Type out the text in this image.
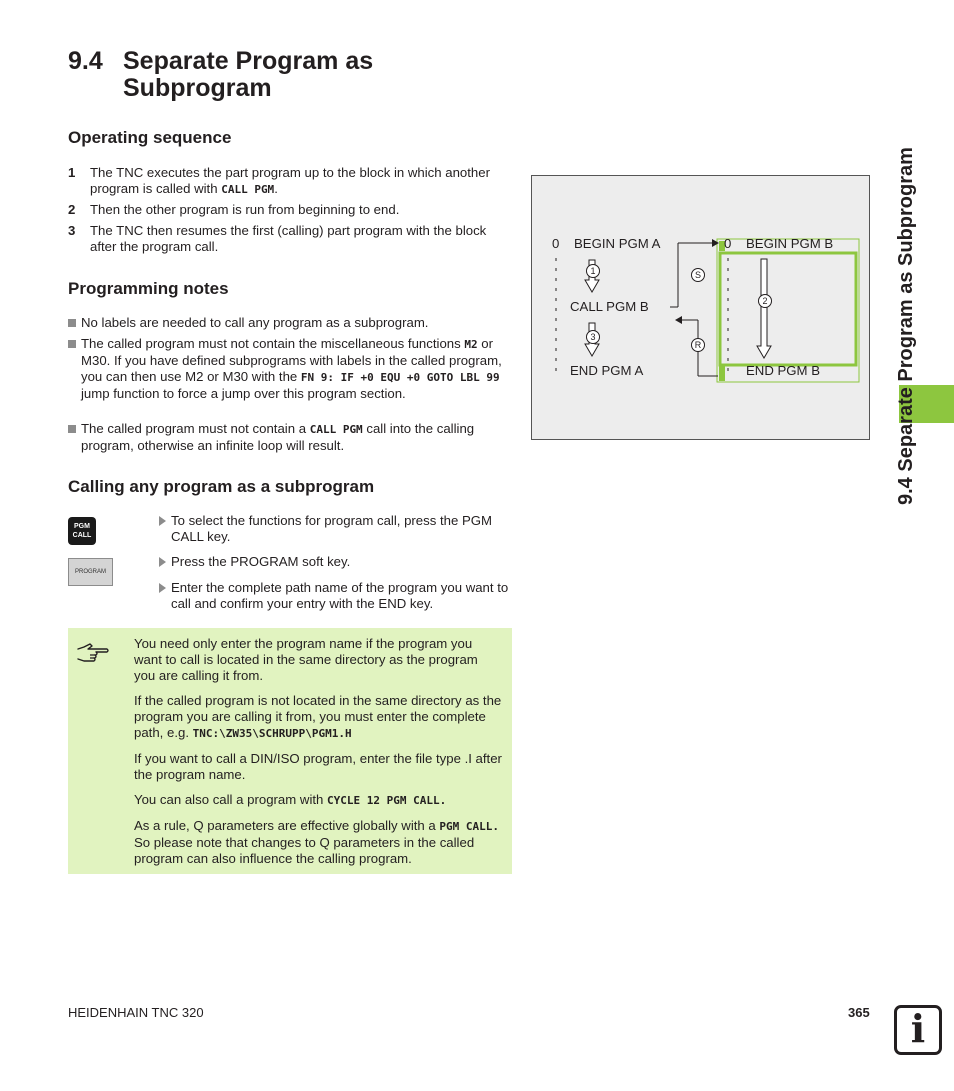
9.4 Separate Program as Subprogram
Operating sequence
1 The TNC executes the part program up to the block in which another program is called with CALL PGM.
2 Then the other program is run from beginning to end.
3 The TNC then resumes the first (calling) part program with the block after the program call.
Programming notes
No labels are needed to call any program as a subprogram.
The called program must not contain the miscellaneous functions M2 or M30. If you have defined subprograms with labels in the called program, you can then use M2 or M30 with the FN 9: IF +0 EQU +0 GOTO LBL 99 jump function to force a jump over this program section.
The called program must not contain a CALL PGM call into the calling program, otherwise an infinite loop will result.
Calling any program as a subprogram
PGM
CALL
PROGRAM
To select the functions for program call, press the PGM CALL key.
Press the PROGRAM soft key.
Enter the complete path name of the program you want to call and confirm your entry with the END key.

You need only enter the program name if the program you want to call is located in the same directory as the program you are calling it from.

If the called program is not located in the same directory as the program you are calling it from, you must enter the complete path, e.g. TNC:\ZW35\SCHRUPP\PGM1.H

If you want to call a DIN/ISO program, enter the file type .I after the program name.

You can also call a program with CYCLE 12 PGM CALL.

As a rule, Q parameters are effective globally with a PGM CALL. So please note that changes to Q parameters in the called program can also influence the calling program.

0 BEGIN PGM A
CALL PGM B
END PGM A
0 BEGIN PGM B
END PGM B
1
3
2
S
R	9.4 Separate Program as Subprogram
HEIDENHAIN TNC 320	365	i
